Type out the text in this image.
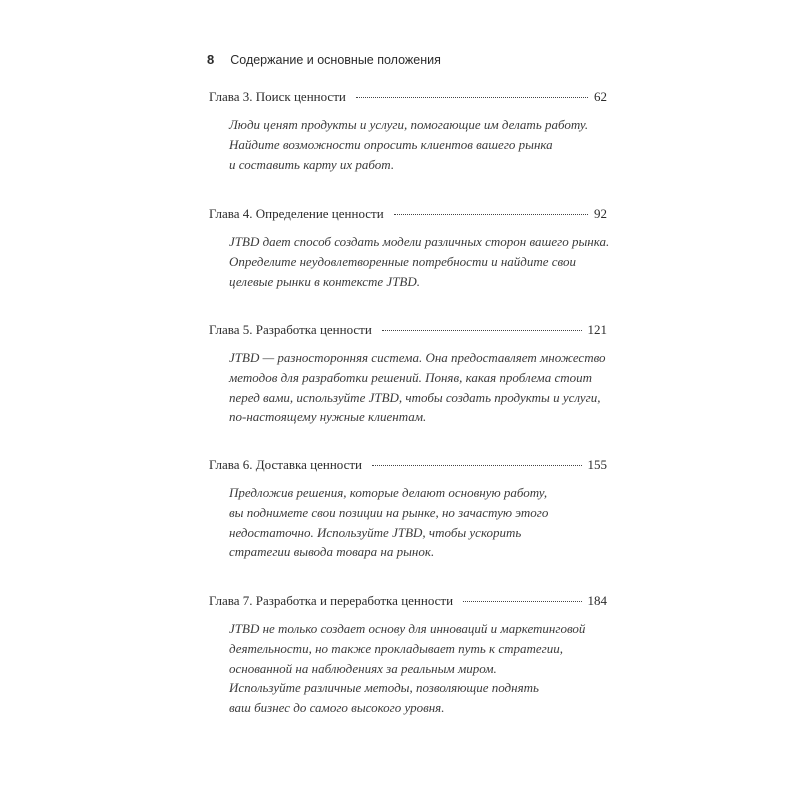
8 Содержание и основные положения
Глава 3. Поиск ценности	62
Люди ценят продукты и услуги, помогающие им делать работу.
Найдите возможности опросить клиентов вашего рынка
и составить карту их работ.
Глава 4. Определение ценности	92
JTBD дает способ создать модели различных сторон вашего рынка.
Определите неудовлетворенные потребности и найдите свои
целевые рынки в контексте JTBD.
Глава 5. Разработка ценности	121
JTBD — разносторонняя система. Она предоставляет множество
методов для разработки решений. Поняв, какая проблема стоит
перед вами, используйте JTBD, чтобы создать продукты и услуги,
по-настоящему нужные клиентам.
Глава 6. Доставка ценности	155
Предложив решения, которые делают основную работу,
вы поднимете свои позиции на рынке, но зачастую этого
недостаточно. Используйте JTBD, чтобы ускорить
стратегии вывода товара на рынок.
Глава 7. Разработка и переработка ценности	184
JTBD не только создает основу для инноваций и маркетинговой
деятельности, но также прокладывает путь к стратегии,
основанной на наблюдениях за реальным миром.
Используйте различные методы, позволяющие поднять
ваш бизнес до самого высокого уровня.
